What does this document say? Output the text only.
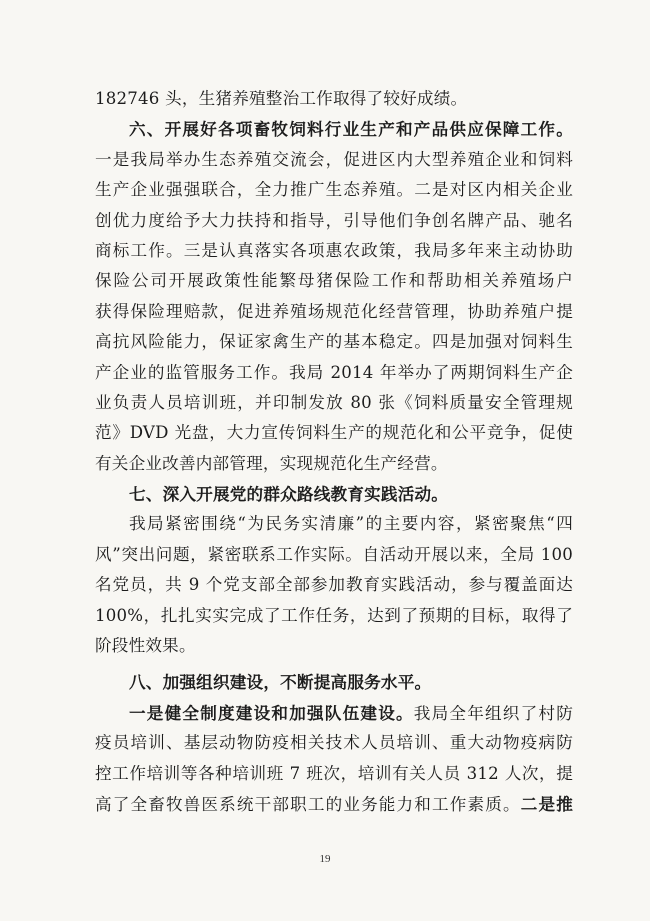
182746 头，生猪养殖整治工作取得了较好成绩。
六、开展好各项畜牧饲料行业生产和产品供应保障工作。
一是我局举办生态养殖交流会，促进区内大型养殖企业和饲料
生产企业强强联合，全力推广生态养殖。二是对区内相关企业
创优力度给予大力扶持和指导，引导他们争创名牌产品、驰名
商标工作。三是认真落实各项惠农政策，我局多年来主动协助
保险公司开展政策性能繁母猪保险工作和帮助相关养殖场户
获得保险理赔款，促进养殖场规范化经营管理，协助养殖户提
高抗风险能力，保证家禽生产的基本稳定。四是加强对饲料生
产企业的监管服务工作。我局 2014 年举办了两期饲料生产企
业负责人员培训班，并印制发放 80 张《饲料质量安全管理规
范》DVD 光盘，大力宣传饲料生产的规范化和公平竞争，促使
有关企业改善内部管理，实现规范化生产经营。
七、深入开展党的群众路线教育实践活动。
我局紧密围绕“为民务实清廉”的主要内容，紧密聚焦“四
风”突出问题，紧密联系工作实际。自活动开展以来，全局 100
名党员，共 9 个党支部全部参加教育实践活动，参与覆盖面达
100%，扎扎实实完成了工作任务，达到了预期的目标，取得了
阶段性效果。
八、加强组织建设，不断提高服务水平。
一是健全制度建设和加强队伍建设。我局全年组织了村防
疫员培训、基层动物防疫相关技术人员培训、重大动物疫病防
控工作培训等各种培训班 7 班次，培训有关人员 312 人次，提
高了全畜牧兽医系统干部职工的业务能力和工作素质。二是推
19
